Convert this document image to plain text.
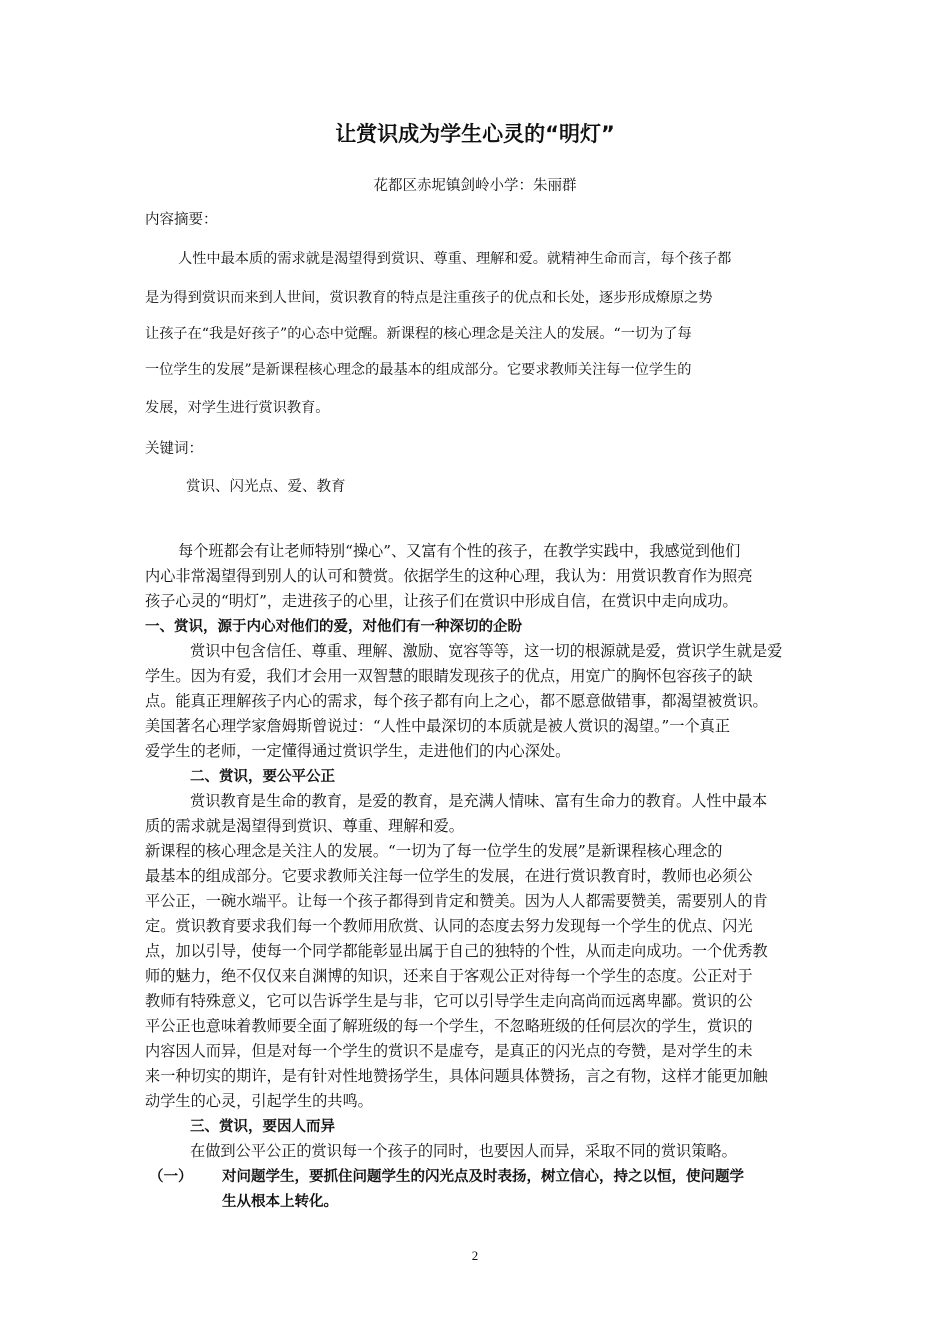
让赏识成为学生心灵的“明灯”
花都区赤坭镇剑岭小学：朱丽群
内容摘要：
人性中最本质的需求就是渴望得到赏识、尊重、理解和爱。就精神生命而言，每个孩子都
是为得到赏识而来到人世间，赏识教育的特点是注重孩子的优点和长处，逐步形成燎原之势
让孩子在“我是好孩子”的心态中觉醒。新课程的核心理念是关注人的发展。“一切为了每
一位学生的发展”是新课程核心理念的最基本的组成部分。它要求教师关注每一位学生的
发展，对学生进行赏识教育。
关键词：
赏识、闪光点、爱、教育
每个班都会有让老师特别“操心”、又富有个性的孩子，在教学实践中，我感觉到他们
内心非常渴望得到别人的认可和赞赏。依据学生的这种心理，我认为：用赏识教育作为照亮
孩子心灵的“明灯”，走进孩子的心里，让孩子们在赏识中形成自信，在赏识中走向成功。
一、赏识，源于内心对他们的爱，对他们有一种深切的企盼
赏识中包含信任、尊重、理解、激励、宽容等等，这一切的根源就是爱，赏识学生就是爱
学生。因为有爱，我们才会用一双智慧的眼睛发现孩子的优点，用宽广的胸怀包容孩子的缺
点。能真正理解孩子内心的需求，每个孩子都有向上之心，都不愿意做错事，都渴望被赏识。
美国著名心理学家詹姆斯曾说过：“人性中最深切的本质就是被人赏识的渴望。”一个真正
爱学生的老师，一定懂得通过赏识学生，走进他们的内心深处。
二、赏识，要公平公正
赏识教育是生命的教育，是爱的教育，是充满人情味、富有生命力的教育。人性中最本
质的需求就是渴望得到赏识、尊重、理解和爱。
新课程的核心理念是关注人的发展。“一切为了每一位学生的发展”是新课程核心理念的
最基本的组成部分。它要求教师关注每一位学生的发展，在进行赏识教育时，教师也必须公
平公正，一碗水端平。让每一个孩子都得到肯定和赞美。因为人人都需要赞美，需要别人的肯
定。赏识教育要求我们每一个教师用欣赏、认同的态度去努力发现每一个学生的优点、闪光
点，加以引导，使每一个同学都能彰显出属于自己的独特的个性，从而走向成功。一个优秀教
师的魅力，绝不仅仅来自渊博的知识，还来自于客观公正对待每一个学生的态度。公正对于
教师有特殊意义，它可以告诉学生是与非，它可以引导学生走向高尚而远离卑鄙。赏识的公
平公正也意味着教师要全面了解班级的每一个学生，不忽略班级的任何层次的学生，赏识的
内容因人而异，但是对每一个学生的赏识不是虚夸，是真正的闪光点的夸赞，是对学生的未
来一种切实的期许，是有针对性地赞扬学生，具体问题具体赞扬，言之有物，这样才能更加触
动学生的心灵，引起学生的共鸣。
三、赏识，要因人而异
在做到公平公正的赏识每一个孩子的同时，也要因人而异，采取不同的赏识策略。
（一） 对问题学生，要抓住问题学生的闪光点及时表扬，树立信心，持之以恒，使问题学
生从根本上转化。
2
